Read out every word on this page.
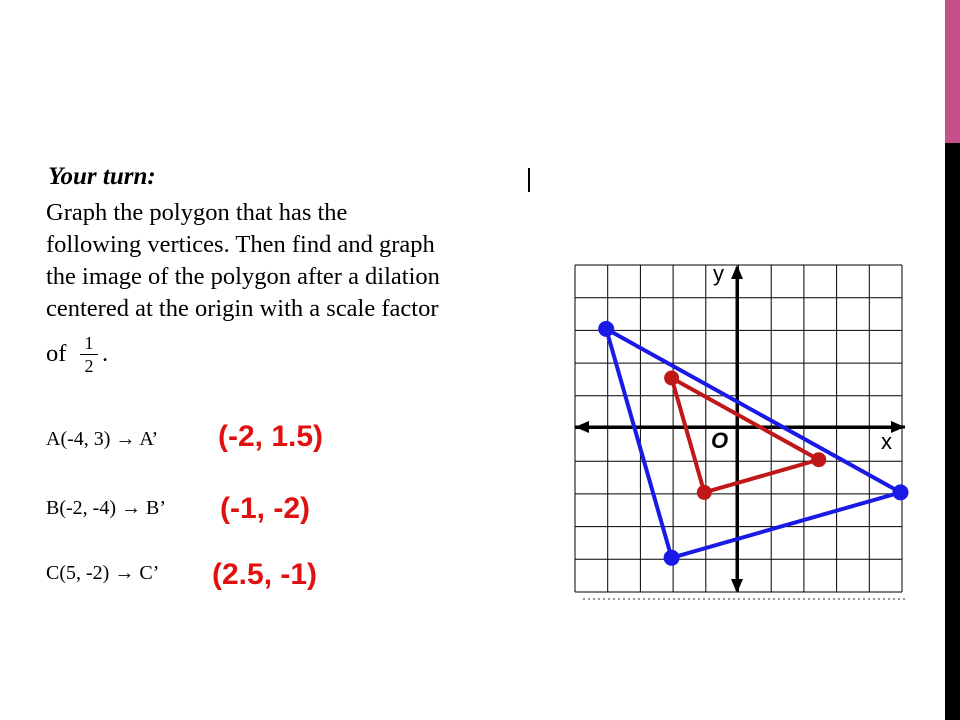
Your turn:
Graph the polygon that has the
following vertices. Then find and graph
the image of the polygon after a dilation
centered at the origin with a scale factor
of $\frac{1}{2}$ .
A(-4, 3) → A’ (-2, 1.5)
B(-2, -4) → B’ (-1, -2)
C(5, -2) → C’ (2.5, -1)
y
x
O
